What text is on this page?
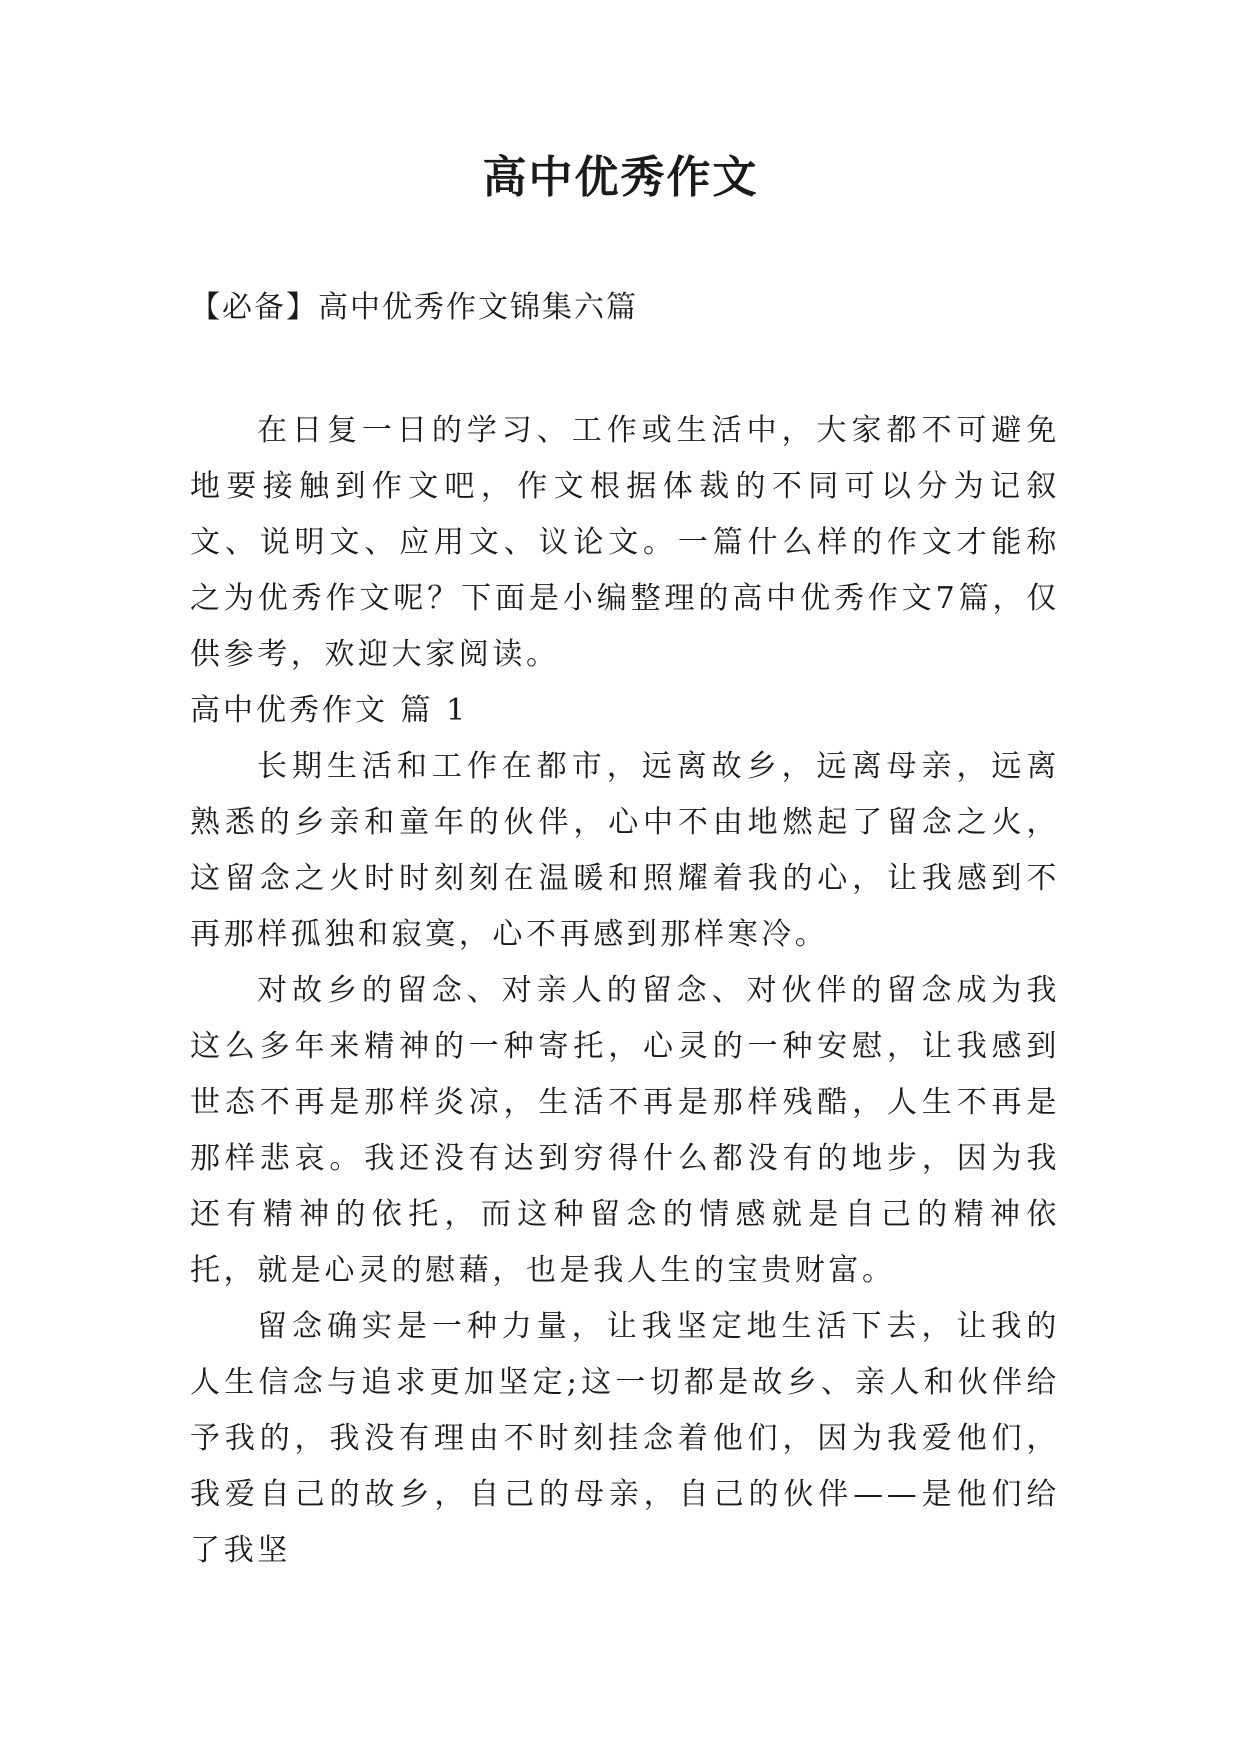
高中优秀作文

【必备】高中优秀作文锦集六篇

在日复一日的学习、工作或生活中，大家都不可避免地要接触到作文吧，作文根据体裁的不同可以分为记叙文、说明文、应用文、议论文。一篇什么样的作文才能称之为优秀作文呢？下面是小编整理的高中优秀作文7篇，仅供参考，欢迎大家阅读。

高中优秀作文 篇 1

长期生活和工作在都市，远离故乡，远离母亲，远离熟悉的乡亲和童年的伙伴，心中不由地燃起了留念之火，这留念之火时时刻刻在温暖和照耀着我的心，让我感到不再那样孤独和寂寞，心不再感到那样寒冷。

对故乡的留念、对亲人的留念、对伙伴的留念成为我这么多年来精神的一种寄托，心灵的一种安慰，让我感到世态不再是那样炎凉，生活不再是那样残酷，人生不再是那样悲哀。我还没有达到穷得什么都没有的地步，因为我还有精神的依托，而这种留念的情感就是自己的精神依托，就是心灵的慰藉，也是我人生的宝贵财富。

留念确实是一种力量，让我坚定地生活下去，让我的人生信念与追求更加坚定;这一切都是故乡、亲人和伙伴给予我的，我没有理由不时刻挂念着他们，因为我爱他们，我爱自己的故乡，自己的母亲，自己的伙伴——是他们给了我坚
